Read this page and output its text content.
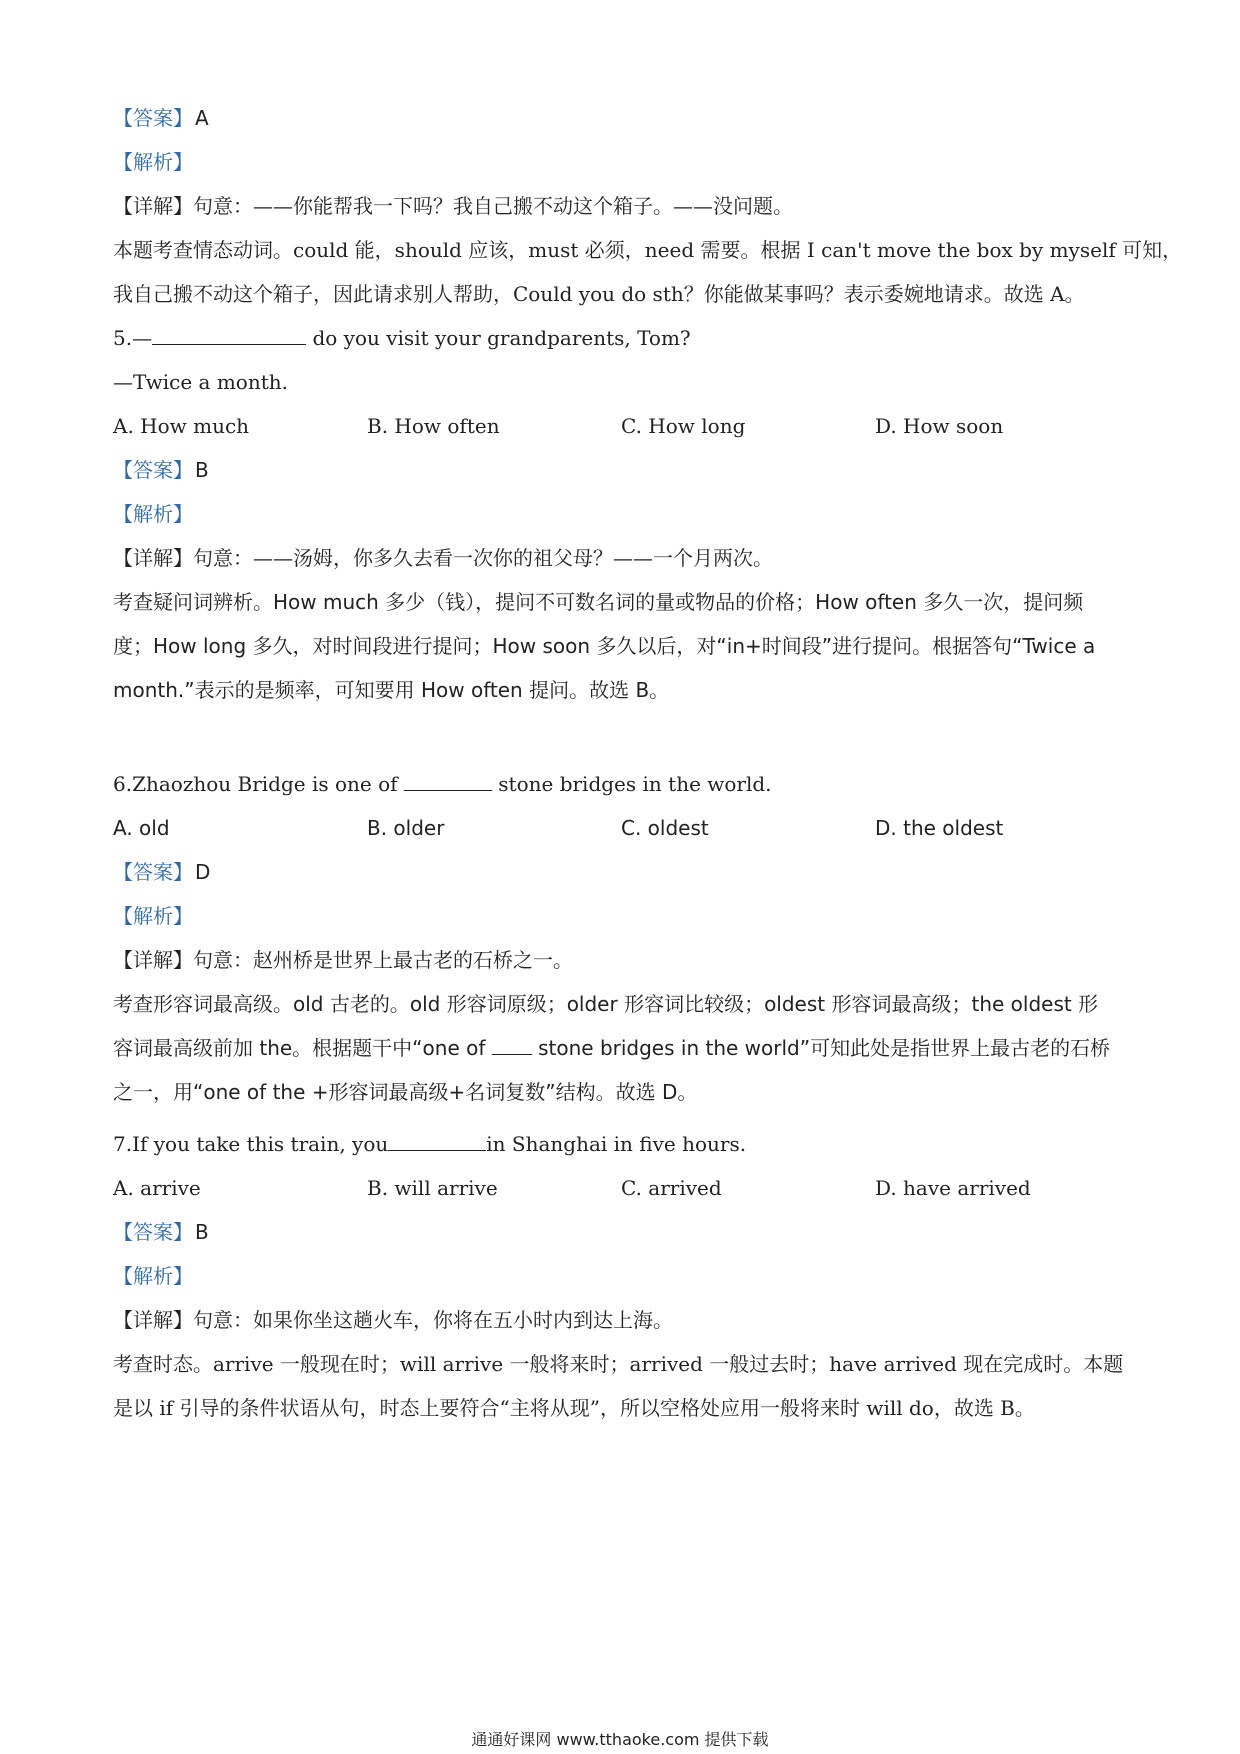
【答案】 A
【解析】
【详解】句意：——你能帮我一下吗？我自己搬不动这个箱子。——没问题。
本题考查情态动词。could 能，should 应该，must 必须，need 需要。根据 I can't move the box by myself 可知，
我自己搬不动这个箱子，因此请求别人帮助，Could you do sth？你能做某事吗？表示委婉地请求。故选 A。
5.—	do you visit your grandparents, Tom?
—Twice a month.
A. How much	B. How often	C. How long	D. How soon
【答案】 B
【解析】
【详解】句意：——汤姆，你多久去看一次你的祖父母？——一个月两次。
考查疑问词辨析。How much 多少（钱），提问不可数名词的量或物品的价格；How often 多久一次，提问频
度；How long 多久，对时间段进行提问；How soon 多久以后，对“in+时间段”进行提问。根据答句“Twice a
month.”表示的是频率，可知要用 How often 提问。故选 B。
6.Zhaozhou Bridge is one of	stone bridges in the world.
A. old	B. older	C. oldest	D. the oldest
【答案】 D
【解析】
【详解】句意：赵州桥是世界上最古老的石桥之一。
考查形容词最高级。old 古老的。old 形容词原级；older 形容词比较级；oldest 形容词最高级；the oldest 形
容词最高级前加 the。根据题干中“one of  stone bridges in the world”可知此处是指世界上最古老的石桥
之一，用“one of the +形容词最高级+名词复数”结构。故选 D。
7.If you take this train, you	in Shanghai in five hours.
A. arrive	B. will arrive	C. arrived	D. have arrived
【答案】 B
【解析】
【详解】句意：如果你坐这趟火车，你将在五小时内到达上海。
考查时态。arrive 一般现在时；will arrive 一般将来时；arrived 一般过去时；have arrived 现在完成时。本题
是以 if 引导的条件状语从句，时态上要符合“主将从现”，所以空格处应用一般将来时 will do，故选 B。
通通好课网 www.tthaoke.com 提供下载
